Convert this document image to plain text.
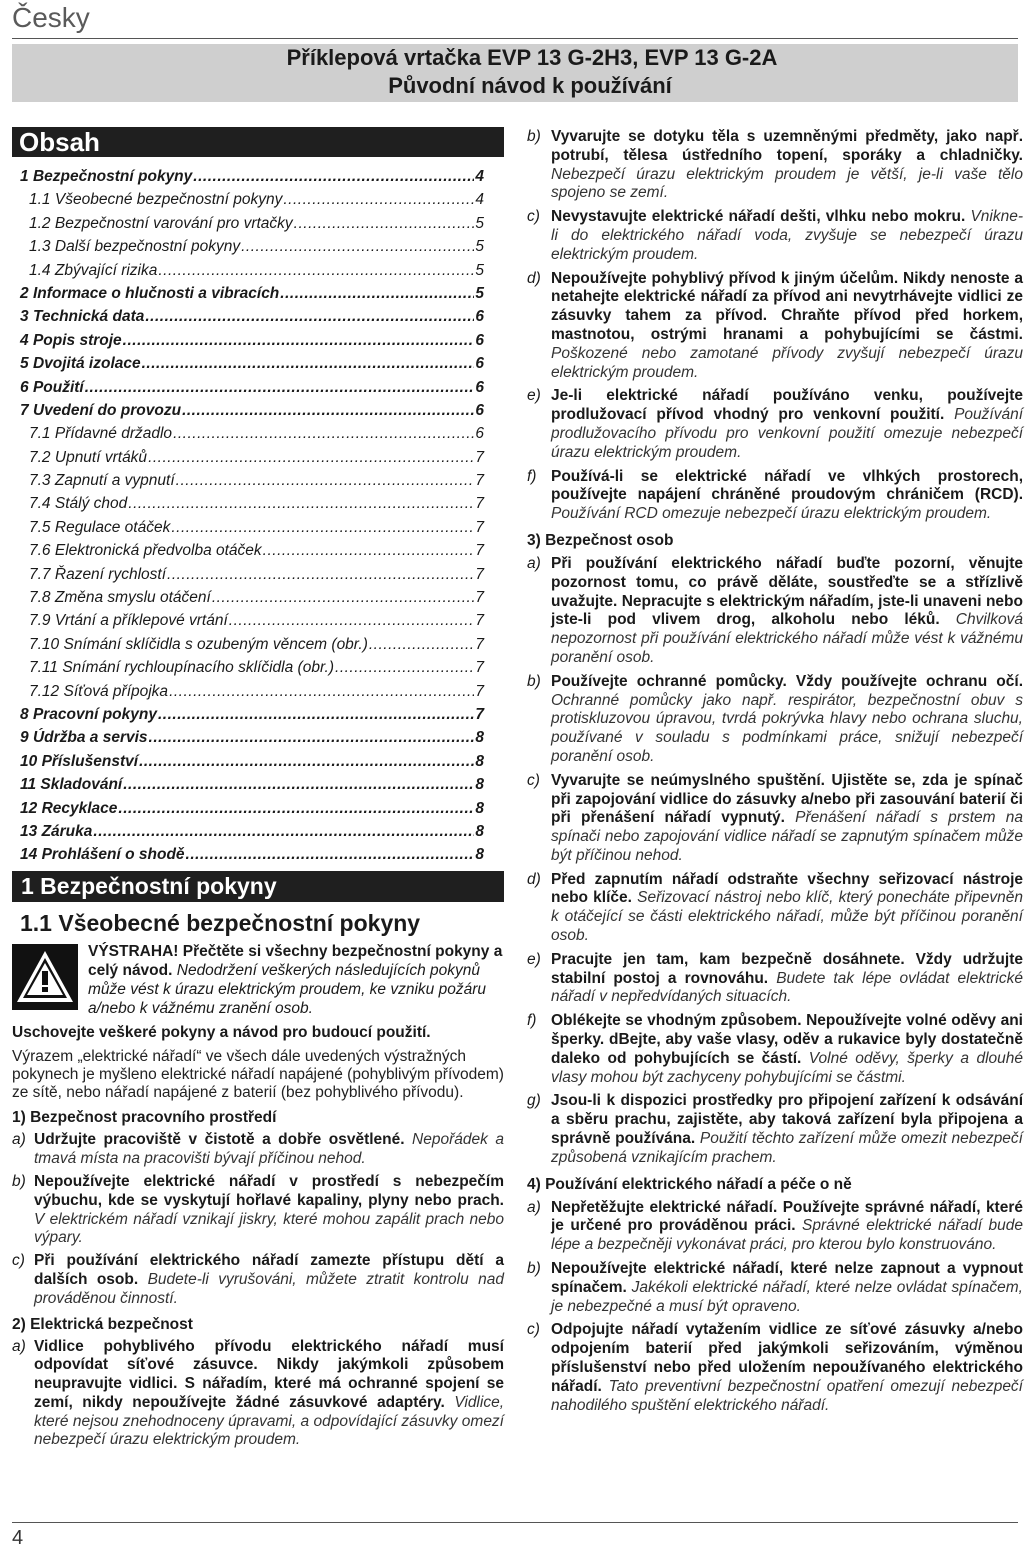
Česky
Příklepová vrtačka EVP 13 G-2H3, EVP 13 G-2A
Původní návod k používání
Obsah
1 Bezpečnostní pokyny .....	4
1.1 Všeobecné bezpečnostní pokyny .....	4
1.2 Bezpečnostní varování pro vrtačky .....	5
1.3 Další bezpečnostní pokyny .....	5
1.4 Zbývající rizika .....	5
2 Informace o hlučnosti a vibracích .....	5
3 Technická data .....	6
4 Popis stroje .....	6
5 Dvojitá izolace .....	6
6 Použití .....	6
7 Uvedení do provozu .....	6
7.1 Přídavné držadlo .....	6
7.2 Upnutí vrtáků .....	7
7.3 Zapnutí a vypnutí .....	7
7.4 Stálý chod .....	7
7.5 Regulace otáček .....	7
7.6 Elektronická předvolba otáček .....	7
7.7 Řazení rychlostí .....	7
7.8 Změna smyslu otáčení .....	7
7.9 Vrtání a příklepové vrtání .....	7
7.10 Snímání sklíčidla s ozubeným věncem (obr.) .....	7
7.11 Snímání rychloupínacího sklíčidla (obr.) .....	7
7.12 Síťová přípojka .....	7
8 Pracovní pokyny .....	7
9 Údržba a servis .....	8
10 Příslušenství .....	8
11 Skladování .....	8
12 Recyklace .....	8
13 Záruka .....	8
14 Prohlášení o shodě .....	8
1 Bezpečnostní pokyny
1.1 Všeobecné bezpečnostní pokyny
VÝSTRAHA! Přečtěte si všechny bezpečnostní pokyny a celý návod. Nedodržení veškerých následujících pokynů může vést k úrazu elektrickým proudem, ke vzniku požáru a/nebo k vážnému zranění osob.
Uschovejte veškeré pokyny a návod pro budoucí použití.
Výrazem „elektrické nářadí“ ve všech dále uvedených výstražných pokynech je myšleno elektrické nářadí napájené (pohyblivým přívodem) ze sítě, nebo nářadí napájené z baterií (bez pohyblivého přívodu).
1) Bezpečnost pracovního prostředí
a) Udržujte pracoviště v čistotě a dobře osvětlené. Nepořádek a tmavá místa na pracovišti bývají příčinou nehod.
b) Nepoužívejte elektrické nářadí v prostředí s nebezpečím výbuchu, kde se vyskytují hořlavé kapaliny, plyny nebo prach. V elektrickém nářadí vznikají jiskry, které mohou zapálit prach nebo výpary.
c) Při používání elektrického nářadí zamezte přístupu dětí a dalších osob. Budete-li vyrušováni, můžete ztratit kontrolu nad prováděnou činností.
2) Elektrická bezpečnost
a) Vidlice pohyblivého přívodu elektrického nářadí musí odpovídat síťové zásuvce. Nikdy jakýmkoli způsobem neupravujte vidlici. S nářadím, které má ochranné spojení se zemí, nikdy nepoužívejte žádné zásuvkové adaptéry. Vidlice, které nejsou znehodnoceny úpravami, a odpovídající zásuvky omezí nebezpečí úrazu elektrickým proudem.
b) Vyvarujte se dotyku těla s uzemněnými předměty, jako např. potrubí, tělesa ústředního topení, sporáky a chladničky. Nebezpečí úrazu elektrickým proudem je větší, je-li vaše tělo spojeno se zemí.
c) Nevystavujte elektrické nářadí dešti, vlhku nebo mokru. Vnikne-li do elektrického nářadí voda, zvyšuje se nebezpečí úrazu elektrickým proudem.
d) Nepoužívejte pohyblivý přívod k jiným účelům. Nikdy nenoste a netahejte elektrické nářadí za přívod ani nevytrhávejte vidlici ze zásuvky tahem za přívod. Chraňte přívod před horkem, mastnotou, ostrými hranami a pohybujícími se částmi. Poškozené nebo zamotané přívody zvyšují nebezpečí úrazu elektrickým proudem.
e) Je-li elektrické nářadí používáno venku, používejte prodlužovací přívod vhodný pro venkovní použití. Používání prodlužovacího přívodu pro venkovní použití omezuje nebezpečí úrazu elektrickým proudem.
f) Používá-li se elektrické nářadí ve vlhkých prostorech, používejte napájení chráněné proudovým chráničem (RCD). Používání RCD omezuje nebezpečí úrazu elektrickým proudem.
3) Bezpečnost osob
a) Při používání elektrického nářadí buďte pozorní, věnujte pozornost tomu, co právě děláte, soustřeďte se a střízlivě uvažujte. Nepracujte s elektrickým nářadím, jste-li unaveni nebo jste-li pod vlivem drog, alkoholu nebo léků. Chvilková nepozornost při používání elektrického nářadí může vést k vážnému poranění osob.
b) Používejte ochranné pomůcky. Vždy používejte ochranu očí. Ochranné pomůcky jako např. respirátor, bezpečnostní obuv s protiskluzovou úpravou, tvrdá pokrývka hlavy nebo ochrana sluchu, používané v souladu s podmínkami práce, snižují nebezpečí poranění osob.
c) Vyvarujte se neúmyslného spuštění. Ujistěte se, zda je spínač při zapojování vidlice do zásuvky a/nebo při zasouvání baterií či při přenášení nářadí vypnutý. Přenášení nářadí s prstem na spínači nebo zapojování vidlice nářadí se zapnutým spínačem může být příčinou nehod.
d) Před zapnutím nářadí odstraňte všechny seřizovací nástroje nebo klíče. Seřizovací nástroj nebo klíč, který ponecháte připevněn k otáčející se části elektrického nářadí, může být příčinou poranění osob.
e) Pracujte jen tam, kam bezpečně dosáhnete. Vždy udržujte stabilní postoj a rovnováhu. Budete tak lépe ovládat elektrické nářadí v nepředvídaných situacích.
f) Oblékejte se vhodným způsobem. Nepoužívejte volné oděvy ani šperky. dBejte, aby vaše vlasy, oděv a rukavice byly dostatečně daleko od pohybujících se částí. Volné oděvy, šperky a dlouhé vlasy mohou být zachyceny pohybujícími se částmi.
g) Jsou-li k dispozici prostředky pro připojení zařízení k odsávání a sběru prachu, zajistěte, aby taková zařízení byla připojena a správně používána. Použití těchto zařízení může omezit nebezpečí způsobená vznikajícím prachem.
4) Používání elektrického nářadí a péče o ně
a) Nepřetěžujte elektrické nářadí. Používejte správné nářadí, které je určené pro prováděnou práci. Správné elektrické nářadí bude lépe a bezpečněji vykonávat práci, pro kterou bylo konstruováno.
b) Nepoužívejte elektrické nářadí, které nelze zapnout a vypnout spínačem. Jakékoli elektrické nářadí, které nelze ovládat spínačem, je nebezpečné a musí být opraveno.
c) Odpojujte nářadí vytažením vidlice ze síťové zásuvky a/nebo odpojením baterií před jakýmkoli seřizováním, výměnou příslušenství nebo před uložením nepoužívaného elektrického nářadí. Tato preventivní bezpečnostní opatření omezují nebezpečí nahodilého spuštění elektrického nářadí.
4
